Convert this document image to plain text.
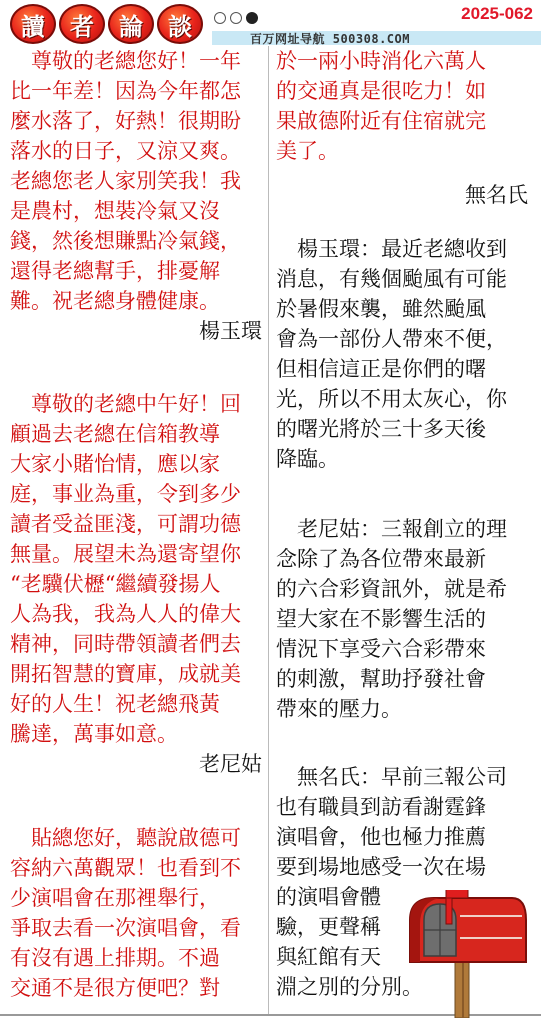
讀	者	論	談	2025-062
百万网址导航 500308.COM

尊敬的老總您好！一年

比一年差！因為今年都怎

麼水落了，好熱！很期盼

落水的日子，又涼又爽。

老總您老人家別笑我！我

是農村，想裝冷氣又沒

錢，然後想賺點冷氣錢，

還得老總幫手，排憂解

難。祝老總身體健康。

楊玉環

尊敬的老總中午好！回

顧過去老總在信箱教導

大家小賭怡情，應以家

庭，事业為重，令到多少

讀者受益匪淺，可謂功德

無量。展望未為還寄望你

“老驥伏櫪“繼續發揚人

人為我，我為人人的偉大

精神，同時帶領讀者們去

開拓智慧的寶庫，成就美

好的人生！祝老總飛黃

騰達，萬事如意。

老尼姑

貼總您好，聽說啟德可

容納六萬觀眾！也看到不

少演唱會在那裡舉行，

爭取去看一次演唱會，看

有沒有遇上排期。不過

交通不是很方便吧？對

於一兩小時消化六萬人

的交通真是很吃力！如

果啟德附近有住宿就完

美了。

無名氏

楊玉環：最近老總收到

消息，有幾個颱風有可能

於暑假來襲，雖然颱風

會為一部份人帶來不便，

但相信這正是你們的曙

光，所以不用太灰心，你

的曙光將於三十多天後

降臨。

老尼姑：三報創立的理

念除了為各位帶來最新

的六合彩資訊外，就是希

望大家在不影響生活的

情況下享受六合彩帶來

的刺激，幫助抒發社會

帶來的壓力。

無名氏：早前三報公司

也有職員到訪看謝霆鋒

演唱會，他也極力推薦

要到場地感受一次在場

的演唱會體

驗，更聲稱

與紅館有天

淵之別的分別。
